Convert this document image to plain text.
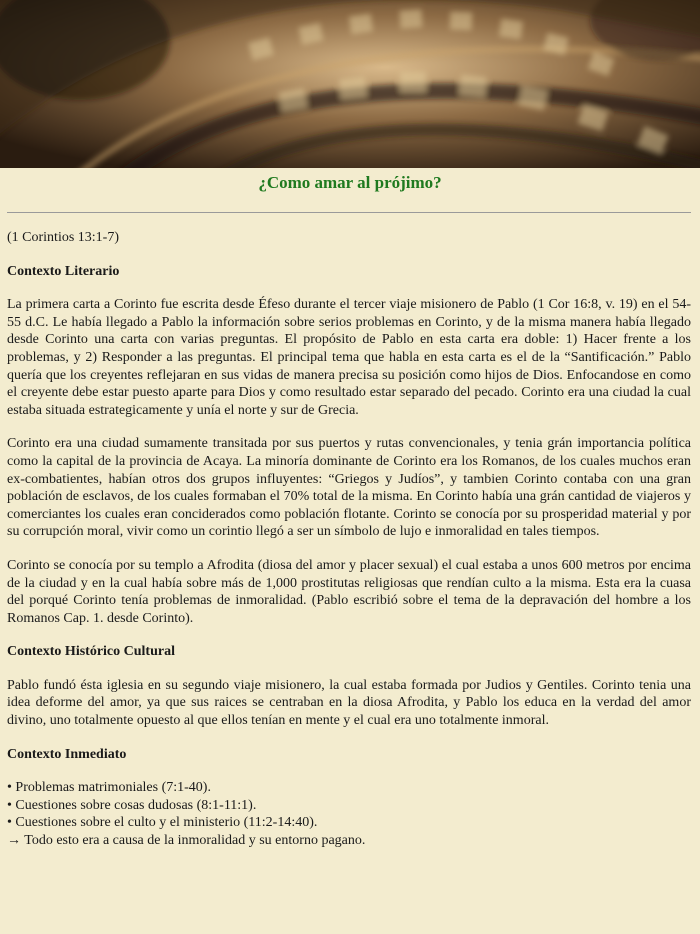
¿Como amar al prójimo?

(1 Corintios 13:1-7)

Contexto Literario

La primera carta a Corinto fue escrita desde Éfeso durante el tercer viaje misionero de Pablo (1 Cor 16:8, v. 19) en el 54-55 d.C. Le había llegado a Pablo la información sobre serios problemas en Corinto, y de la misma manera había llegado desde Corinto una carta con varias preguntas. El propósito de Pablo en esta carta era doble: 1) Hacer frente a los problemas, y 2) Responder a las preguntas. El principal tema que habla en esta carta es el de la “Santificación.” Pablo quería que los creyentes reflejaran en sus vidas de manera precisa su posición como hijos de Dios. Enfocandose en como el creyente debe estar puesto aparte para Dios y como resultado estar separado del pecado. Corinto era una ciudad la cual estaba situada estrategicamente y unía el norte y sur de Grecia.

Corinto era una ciudad sumamente transitada por sus puertos y rutas convencionales, y tenia grán importancia política como la capital de la provincia de Acaya. La minoría dominante de Corinto era los Romanos, de los cuales muchos eran ex-combatientes, habían otros dos grupos influyentes: “Griegos y Judíos”, y tambien Corinto contaba con una gran población de esclavos, de los cuales formaban el 70% total de la misma. En Corinto había una grán cantidad de viajeros y comerciantes los cuales eran conciderados como población flotante. Corinto se conocía por su prosperidad material y por su corrupción moral, vivir como un corintio llegó a ser un símbolo de lujo e inmoralidad en tales tiempos.

Corinto se conocía por su templo a Afrodita (diosa del amor y placer sexual) el cual estaba a unos 600 metros por encima de la ciudad y en la cual había sobre más de 1,000 prostitutas religiosas que rendían culto a la misma. Esta era la cuasa del porqué Corinto tenía problemas de inmoralidad. (Pablo escribió sobre el tema de la depravación del hombre a los Romanos Cap. 1. desde Corinto).

Contexto Histórico Cultural

Pablo fundó ésta iglesia en su segundo viaje misionero, la cual estaba formada por Judios y Gentiles. Corinto tenia una idea deforme del amor, ya que sus raices se centraban en la diosa Afrodita, y Pablo los educa en la verdad del amor divino, uno totalmente opuesto al que ellos tenían en mente y el cual era uno totalmente inmoral.

Contexto Inmediato
• Problemas matrimoniales (7:1-40).
• Cuestiones sobre cosas dudosas (8:1-11:1).
• Cuestiones sobre el culto y el ministerio (11:2-14:40).
→ Todo esto era a causa de la inmoralidad y su entorno pagano.
